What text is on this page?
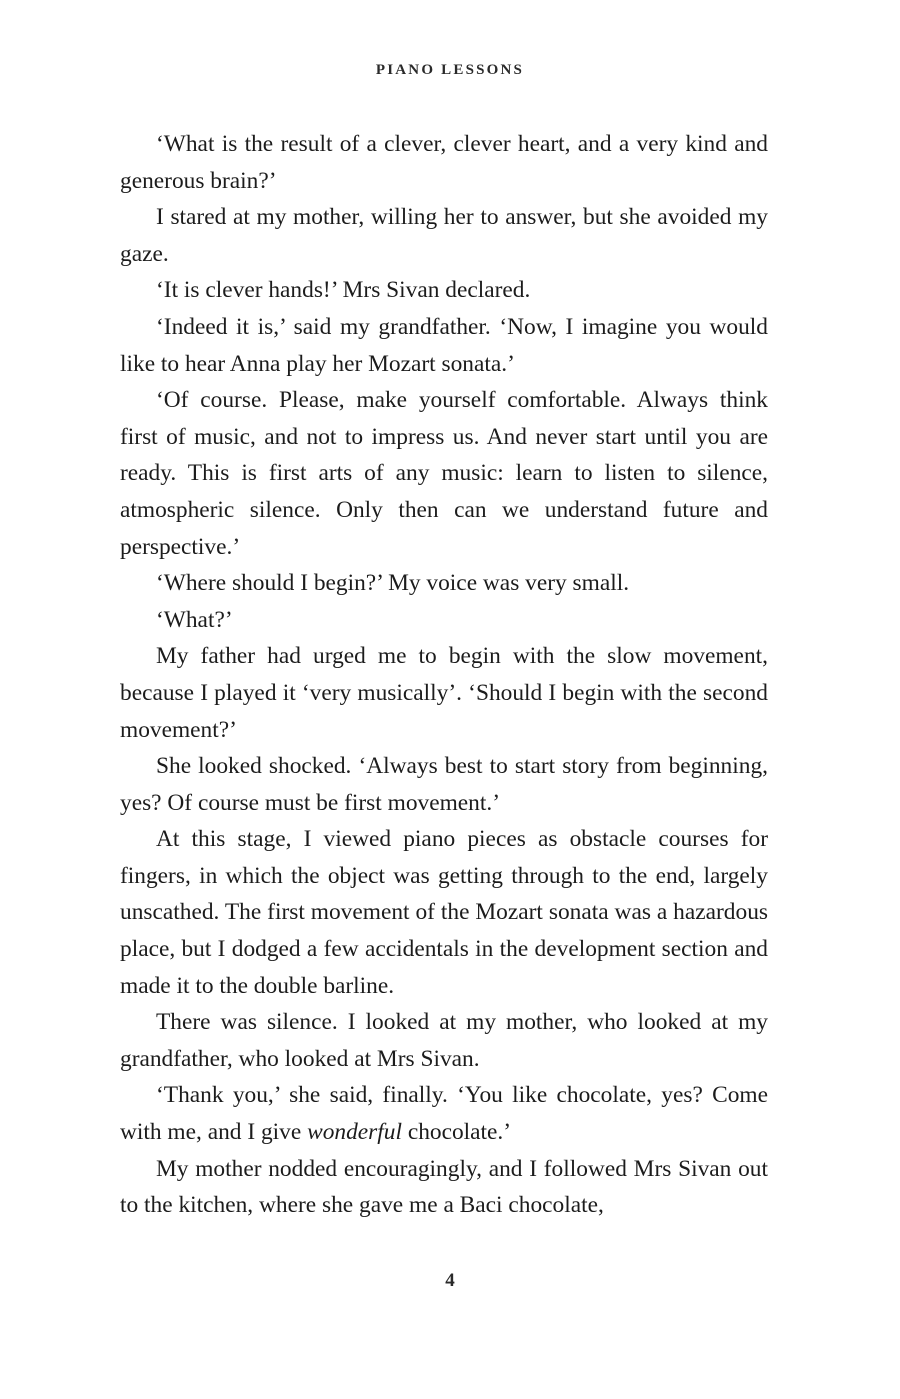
PIANO LESSONS

‘What is the result of a clever, clever heart, and a very kind and generous brain?’

I stared at my mother, willing her to answer, but she avoided my gaze.

‘It is clever hands!’ Mrs Sivan declared.

‘Indeed it is,’ said my grandfather. ‘Now, I imagine you would like to hear Anna play her Mozart sonata.’

‘Of course. Please, make yourself comfortable. Always think first of music, and not to impress us. And never start until you are ready. This is first arts of any music: learn to listen to silence, atmospheric silence. Only then can we understand future and perspective.’

‘Where should I begin?’ My voice was very small.

‘What?’

My father had urged me to begin with the slow movement, because I played it ‘very musically’. ‘Should I begin with the second movement?’

She looked shocked. ‘Always best to start story from beginning, yes? Of course must be first movement.’

At this stage, I viewed piano pieces as obstacle courses for fingers, in which the object was getting through to the end, largely unscathed. The first movement of the Mozart sonata was a hazardous place, but I dodged a few accidentals in the development section and made it to the double barline.

There was silence. I looked at my mother, who looked at my grandfather, who looked at Mrs Sivan.

‘Thank you,’ she said, finally. ‘You like chocolate, yes? Come with me, and I give wonderful chocolate.’

My mother nodded encouragingly, and I followed Mrs Sivan out to the kitchen, where she gave me a Baci chocolate,

4
